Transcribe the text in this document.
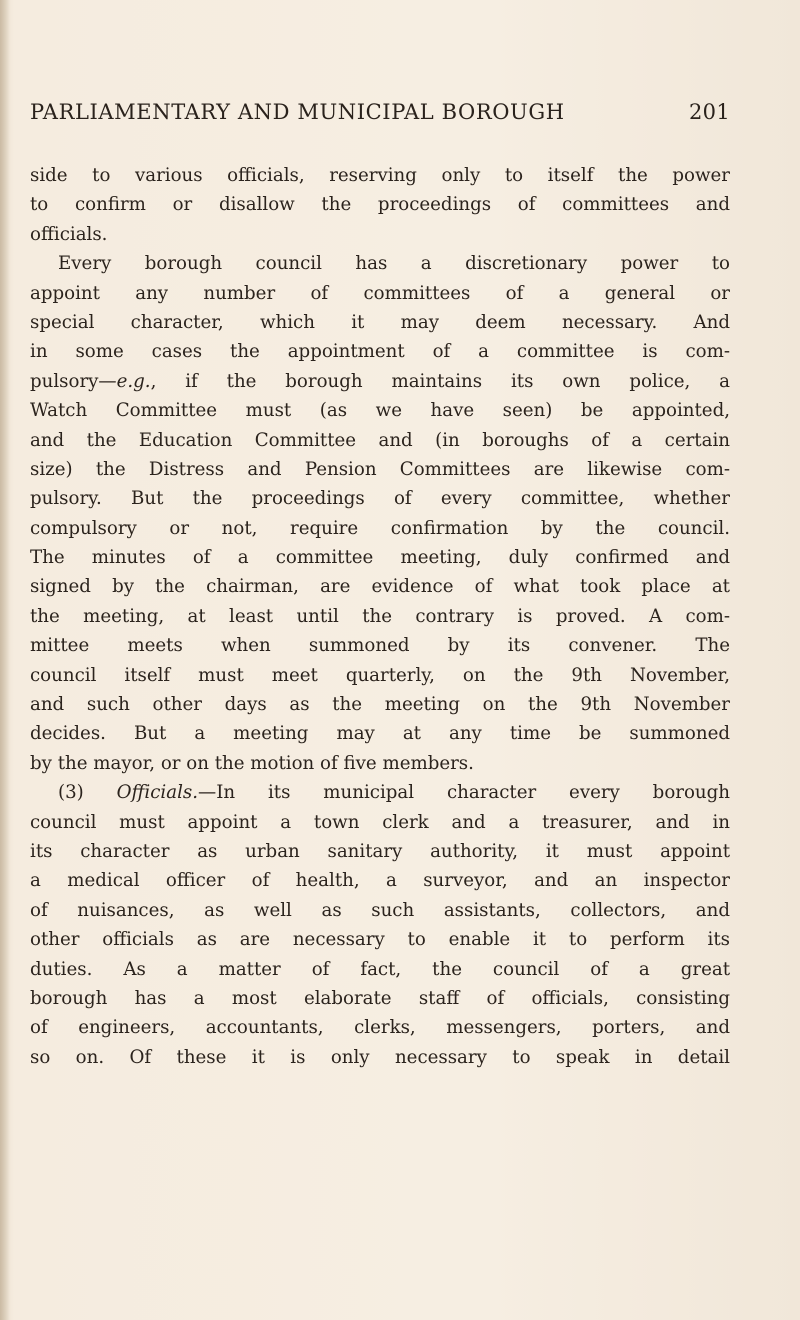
PARLIAMENTARY AND MUNICIPAL BOROUGH	201
side to various officials, reserving only to itself the power
to confirm or disallow the proceedings of committees and
officials.
Every borough council has a discretionary power to
appoint any number of committees of a general or
special character, which it may deem necessary. And
in some cases the appointment of a committee is com-
pulsory—e.g., if the borough maintains its own police, a
Watch Committee must (as we have seen) be appointed,
and the Education Committee and (in boroughs of a certain
size) the Distress and Pension Committees are likewise com-
pulsory. But the proceedings of every committee, whether
compulsory or not, require confirmation by the council.
The minutes of a committee meeting, duly confirmed and
signed by the chairman, are evidence of what took place at
the meeting, at least until the contrary is proved. A com-
mittee meets when summoned by its convener. The
council itself must meet quarterly, on the 9th November,
and such other days as the meeting on the 9th November
decides. But a meeting may at any time be summoned
by the mayor, or on the motion of five members.
(3) Officials.—In its municipal character every borough
council must appoint a town clerk and a treasurer, and in
its character as urban sanitary authority, it must appoint
a medical officer of health, a surveyor, and an inspector
of nuisances, as well as such assistants, collectors, and
other officials as are necessary to enable it to perform its
duties. As a matter of fact, the council of a great
borough has a most elaborate staff of officials, consisting
of engineers, accountants, clerks, messengers, porters, and
so on. Of these it is only necessary to speak in detail
